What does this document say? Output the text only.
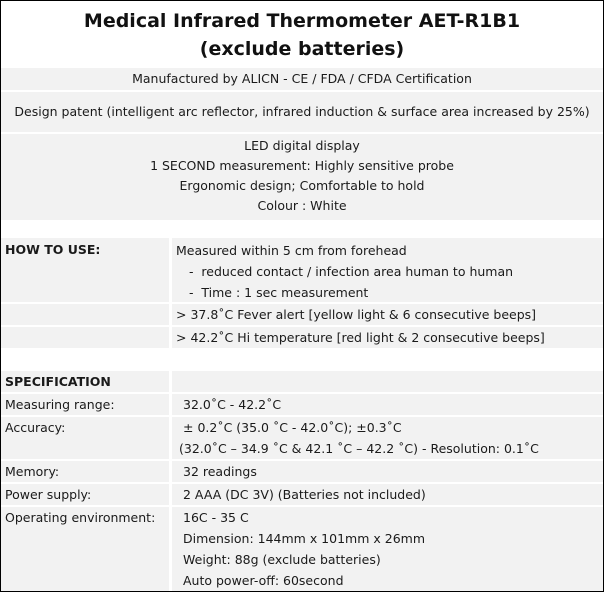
Medical Infrared Thermometer AET-R1B1
(exclude batteries)
Manufactured by ALICN - CE / FDA / CFDA Certification
Design patent (intelligent arc reflector, infrared induction & surface area increased by 25%)
LED digital display
1 SECOND measurement: Highly sensitive probe
Ergonomic design; Comfortable to hold
Colour : White
HOW TO USE:	Measured within 5 cm from forehead
-  reduced contact / infection area human to human
-  Time : 1 sec measurement
> 37.8˚C Fever alert [yellow light & 6 consecutive beeps]
> 42.2˚C Hi temperature [red light & 2 consecutive beeps]
SPECIFICATION
Measuring range:	32.0˚C - 42.2˚C
Accuracy:	± 0.2˚C (35.0 ˚C - 42.0˚C); ±0.3˚C
(32.0˚C – 34.9 ˚C & 42.1 ˚C – 42.2 ˚C) - Resolution: 0.1˚C
Memory:	32 readings
Power supply:	2 AAA (DC 3V) (Batteries not included)
Operating environment:	16C - 35 C
Dimension: 144mm x 101mm x 26mm
Weight: 88g (exclude batteries)
Auto power-off: 60second
